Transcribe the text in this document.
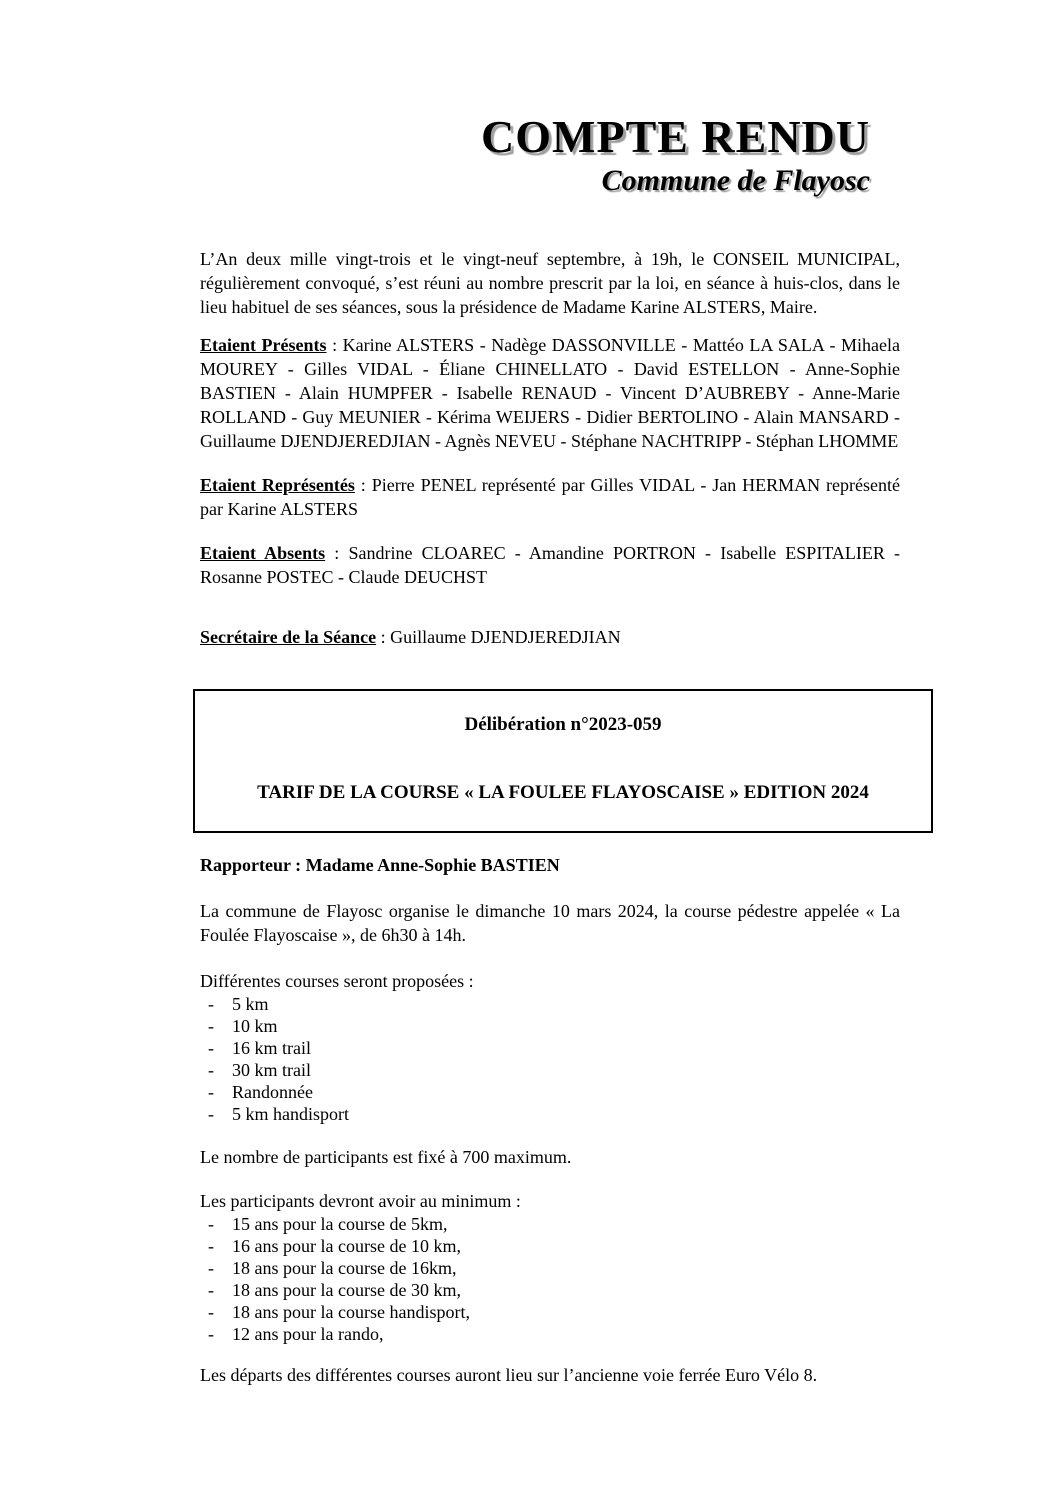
COMPTE RENDU
Commune de Flayosc

L’An deux mille vingt-trois et le vingt-neuf septembre, à 19h, le CONSEIL MUNICIPAL, régulièrement convoqué, s’est réuni au nombre prescrit par la loi, en séance à huis-clos, dans le lieu habituel de ses séances, sous la présidence de Madame Karine ALSTERS, Maire.

Etaient Présents : Karine ALSTERS - Nadège DASSONVILLE - Mattéo LA SALA - Mihaela MOUREY - Gilles VIDAL - Éliane CHINELLATO - David ESTELLON - Anne-Sophie BASTIEN - Alain HUMPFER - Isabelle RENAUD - Vincent D’AUBREBY - Anne-Marie ROLLAND - Guy MEUNIER - Kérima WEIJERS - Didier BERTOLINO - Alain MANSARD - Guillaume DJENDJEREDJIAN - Agnès NEVEU - Stéphane NACHTRIPP - Stéphan LHOMME

Etaient Représentés : Pierre PENEL représenté par Gilles VIDAL - Jan HERMAN représenté par Karine ALSTERS

Etaient Absents : Sandrine CLOAREC - Amandine PORTRON - Isabelle ESPITALIER - Rosanne POSTEC - Claude DEUCHST

Secrétaire de la Séance : Guillaume DJENDJEREDJIAN

Délibération n°2023-059

TARIF DE LA COURSE « LA FOULEE FLAYOSCAISE » EDITION 2024

Rapporteur : Madame Anne-Sophie BASTIEN

La commune de Flayosc organise le dimanche 10 mars 2024, la course pédestre appelée « La Foulée Flayoscaise », de 6h30 à 14h.

Différentes courses seront proposées :

-	5 km
-	10 km
-	16 km trail
-	30 km trail
-	Randonnée
-	5 km handisport

Le nombre de participants est fixé à 700 maximum.

Les participants devront avoir au minimum :

-	15 ans pour la course de 5km,
-	16 ans pour la course de 10 km,
-	18 ans pour la course de 16km,
-	18 ans pour la course de 30 km,
-	18 ans pour la course handisport,
-	12 ans pour la rando,

Les départs des différentes courses auront lieu sur l’ancienne voie ferrée Euro Vélo 8.
